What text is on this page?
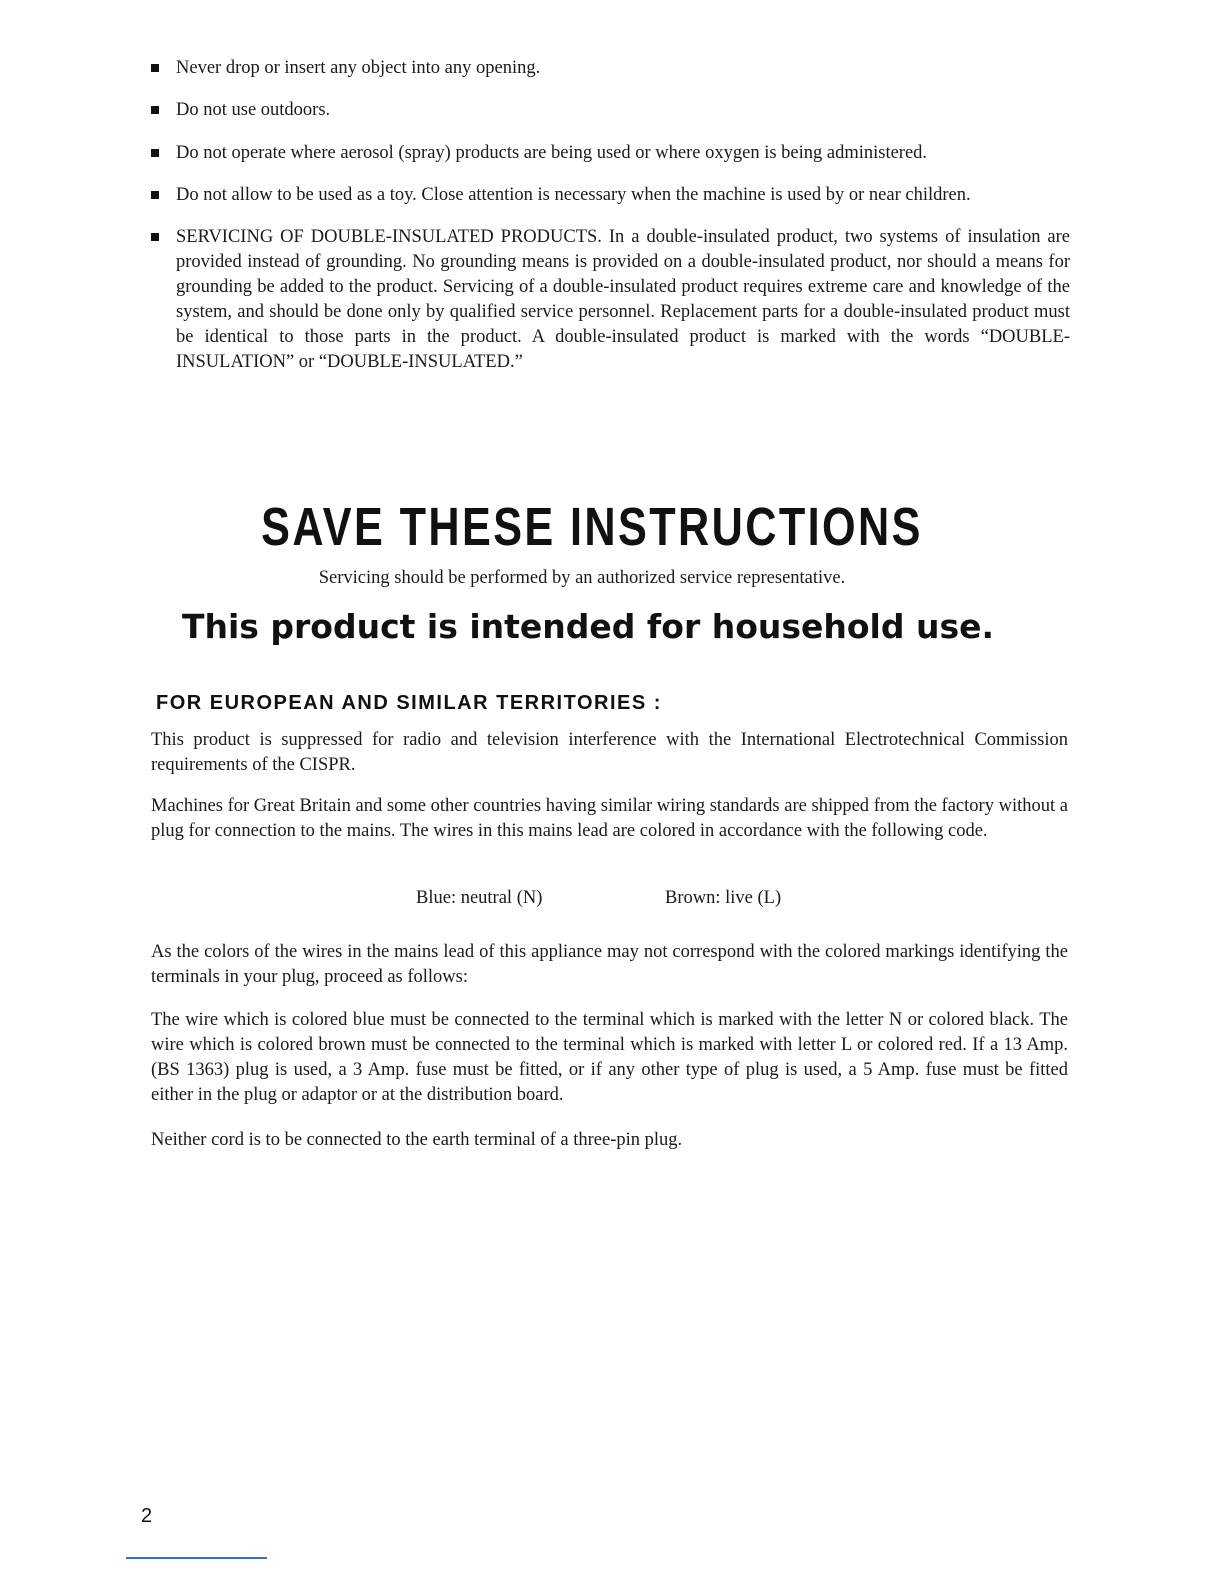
Never drop or insert any object into any opening.
Do not use outdoors.
Do not operate where aerosol (spray) products are being used or where oxygen is being administered.
Do not allow to be used as a toy. Close attention is necessary when the machine is used by or near children.
SERVICING OF DOUBLE-INSULATED PRODUCTS. In a double-insulated product, two systems of insulation are provided instead of grounding. No grounding means is provided on a double-insulated product, nor should a means for grounding be added to the product. Servicing of a double-insulated product requires extreme care and knowledge of the system, and should be done only by qualified service personnel. Replacement parts for a double-insulated product must be identical to those parts in the product. A double-insulated product is marked with the words “DOUBLE-INSULATION” or “DOUBLE-INSULATED.”
SAVE THESE INSTRUCTIONS
Servicing should be performed by an authorized service representative.
This product is intended for household use.
FOR EUROPEAN AND SIMILAR TERRITORIES :
This product is suppressed for radio and television interference with the International Electrotechnical Commission requirements of the CISPR.
Machines for Great Britain and some other countries having similar wiring standards are shipped from the factory without a plug for connection to the mains. The wires in this mains lead are colored in accordance with the following code.
Blue: neutral (N)	Brown: live (L)
As the colors of the wires in the mains lead of this appliance may not correspond with the colored markings identifying the terminals in your plug, proceed as follows:
The wire which is colored blue must be connected to the terminal which is marked with the letter N or colored black. The wire which is colored brown must be connected to the terminal which is marked with letter L or colored red. If a 13 Amp. (BS 1363) plug is used, a 3 Amp. fuse must be fitted, or if any other type of plug is used, a 5 Amp. fuse must be fitted either in the plug or adaptor or at the distribution board.
Neither cord is to be connected to the earth terminal of a three-pin plug.
2
